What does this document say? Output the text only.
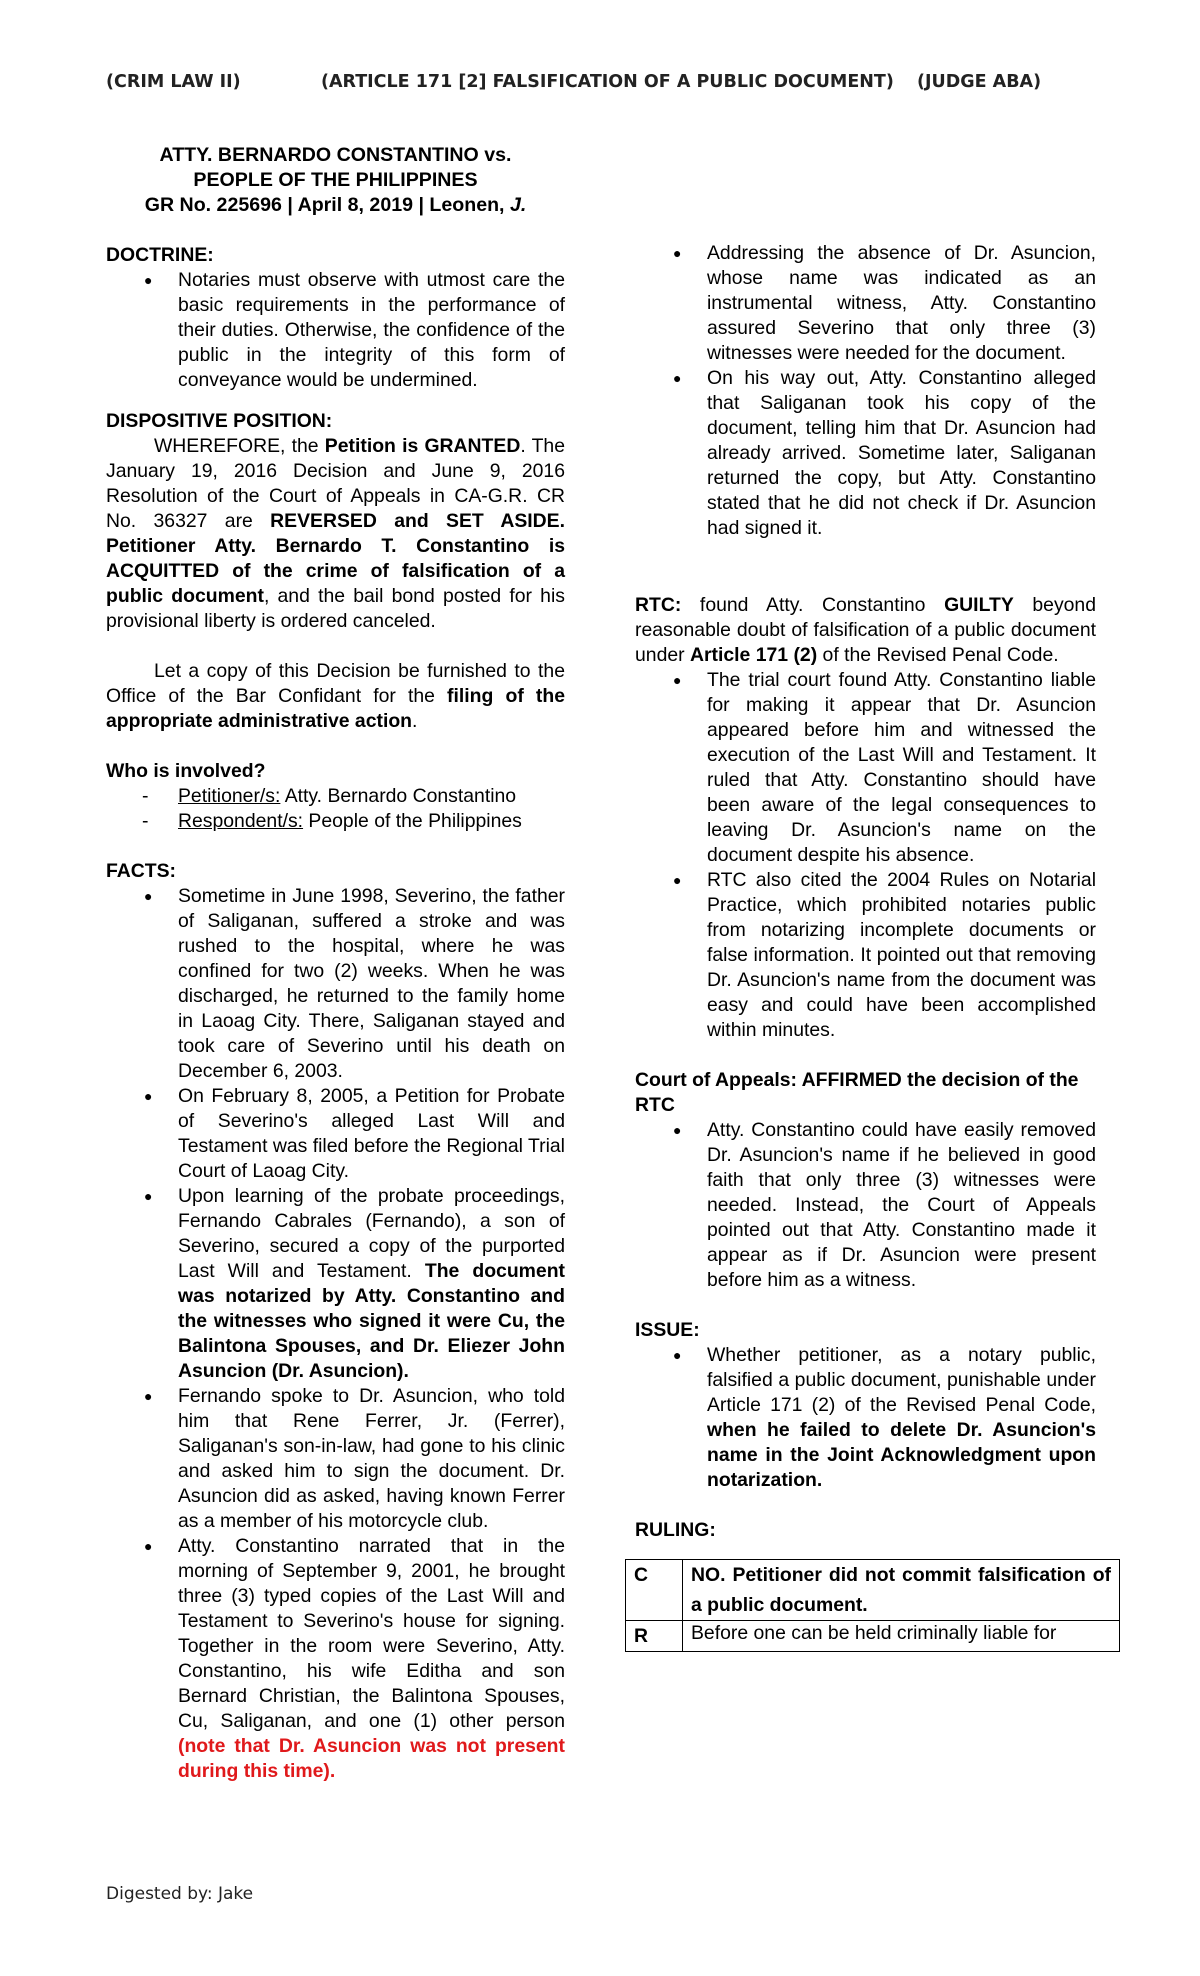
(CRIM LAW II)	(ARTICLE 171 [2] FALSIFICATION OF A PUBLIC DOCUMENT) (JUDGE ABA)
ATTY. BERNARDO CONSTANTINO vs.
PEOPLE OF THE PHILIPPINES
GR No. 225696 | April 8, 2019 | Leonen, J.

DOCTRINE:

● Notaries must observe with utmost care the basic requirements in the performance of their duties. Otherwise, the confidence of the public in the integrity of this form of conveyance would be undermined.

DISPOSITIVE POSITION:

WHEREFORE, the Petition is GRANTED. The January 19, 2016 Decision and June 9, 2016 Resolution of the Court of Appeals in CA-G.R. CR No. 36327 are REVERSED and SET ASIDE. Petitioner Atty. Bernardo T. Constantino is ACQUITTED of the crime of falsification of a public document, and the bail bond posted for his provisional liberty is ordered canceled.

Let a copy of this Decision be furnished to the Office of the Bar Confidant for the filing of the appropriate administrative action.

Who is involved?

- Petitioner/s: Atty. Bernardo Constantino
- Respondent/s: People of the Philippines

FACTS:

● Sometime in June 1998, Severino, the father of Saliganan, suffered a stroke and was rushed to the hospital, where he was confined for two (2) weeks. When he was discharged, he returned to the family home in Laoag City. There, Saliganan stayed and took care of Severino until his death on December 6, 2003.
● On February 8, 2005, a Petition for Probate of Severino's alleged Last Will and Testament was filed before the Regional Trial Court of Laoag City.
● Upon learning of the probate proceedings, Fernando Cabrales (Fernando), a son of Severino, secured a copy of the purported Last Will and Testament. The document was notarized by Atty. Constantino and the witnesses who signed it were Cu, the Balintona Spouses, and Dr. Eliezer John Asuncion (Dr. Asuncion).
● Fernando spoke to Dr. Asuncion, who told him that Rene Ferrer, Jr. (Ferrer), Saliganan's son-in-law, had gone to his clinic and asked him to sign the document. Dr. Asuncion did as asked, having known Ferrer as a member of his motorcycle club.
● Atty. Constantino narrated that in the morning of September 9, 2001, he brought three (3) typed copies of the Last Will and Testament to Severino's house for signing. Together in the room were Severino, Atty. Constantino, his wife Editha and son Bernard Christian, the Balintona Spouses, Cu, Saliganan, and one (1) other person (note that Dr. Asuncion was not present during this time).
● Addressing the absence of Dr. Asuncion, whose name was indicated as an instrumental witness, Atty. Constantino assured Severino that only three (3) witnesses were needed for the document.
● On his way out, Atty. Constantino alleged that Saliganan took his copy of the document, telling him that Dr. Asuncion had already arrived. Sometime later, Saliganan returned the copy, but Atty. Constantino stated that he did not check if Dr. Asuncion had signed it.

RTC: found Atty. Constantino GUILTY beyond reasonable doubt of falsification of a public document under Article 171 (2) of the Revised Penal Code.

● The trial court found Atty. Constantino liable for making it appear that Dr. Asuncion appeared before him and witnessed the execution of the Last Will and Testament. It ruled that Atty. Constantino should have been aware of the legal consequences to leaving Dr. Asuncion's name on the document despite his absence.
● RTC also cited the 2004 Rules on Notarial Practice, which prohibited notaries public from notarizing incomplete documents or false information. It pointed out that removing Dr. Asuncion's name from the document was easy and could have been accomplished within minutes.

Court of Appeals: AFFIRMED the decision of the RTC

● Atty. Constantino could have easily removed Dr. Asuncion's name if he believed in good faith that only three (3) witnesses were needed. Instead, the Court of Appeals pointed out that Atty. Constantino made it appear as if Dr. Asuncion were present before him as a witness.

ISSUE:

● Whether petitioner, as a notary public, falsified a public document, punishable under Article 171 (2) of the Revised Penal Code, when he failed to delete Dr. Asuncion's name in the Joint Acknowledgment upon notarization.

RULING:

C	NO. Petitioner did not commit falsification of a public document.
R	Before one can be held criminally liable for
Digested by: Jake
